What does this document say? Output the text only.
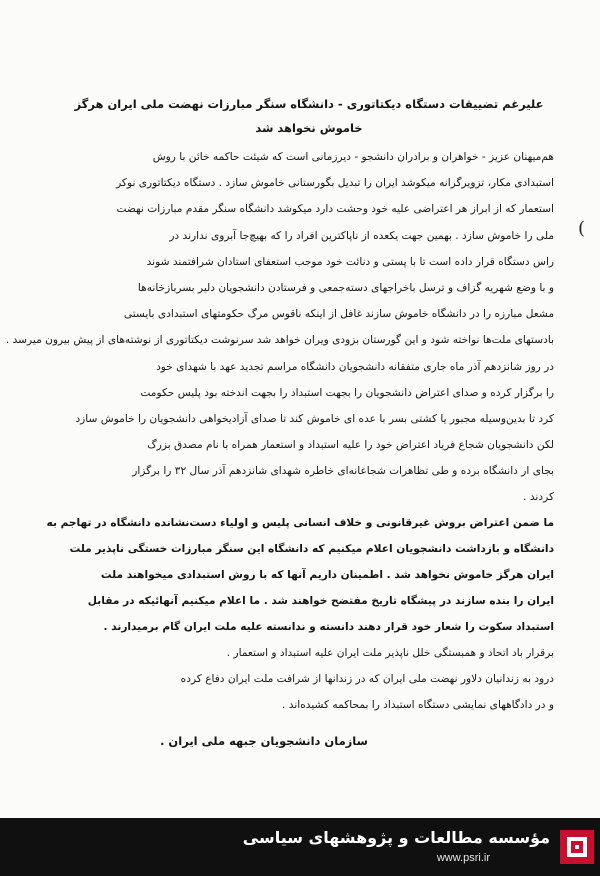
علیرغم تضییقات دستگاه دیکتاتوری - دانشگاه سنگر مبارزات نهضت ملی ایران هرگز
خاموش نخواهد شد
هم‌میهنان عزیز - خواهران و برادران دانشجو - دیرزمانی است که شیئت حاکمه خائن با روش
استبدادی مکار، تزویرگرانه میکوشد ایران را تبدیل بگورستانی خاموش سازد . دستگاه دیکتاتوری نوکر
استعمار که از ابراز هر اعتراضی علیه خود وحشت دارد میکوشد دانشگاه سنگر مقدم مبارزات نهضت
ملی را خاموش سازد . بهمین جهت یکعده از ناپاکترین افراد را که بهیچ‌جا آبروی ندارند در
راس دستگاه قرار داده است تا با پستی و دنائت خود موجب استعفای استادان شرافتمند شوند
و با وضع شهریه گزاف و ترسل باخراجهای دسته‌جمعی و فرستادن دانشجویان دلیر بسربازخانه‌ها
مشعل مبارزه را در دانشگاه خاموش سازند غافل از اینکه ناقوس مرگ حکومتهای استبدادی بایستی
بادستهای ملت‌ها نواخته شود و این گورستان بزودی ویران خواهد شد سرنوشت دیکتاتوری از نوشته‌های از پیش بیرون میرسد .
در روز شانزدهم آذر ماه جاری متفقانه دانشجویان دانشگاه مراسم تجدید عهد با شهدای خود
را برگزار کرده و صدای اعتراض دانشجویان را بجهت استبداد را بجهت اندخته بود پلیس حکومت
کرد تا بدین‌وسیله مجبور یا کشتی بسر با عده ای خاموش کند تا صدای آزادیخواهی دانشجویان را خاموش سازد
لکن دانشجویان شجاع فریاد اعتراض خود را علیه استبداد و استعمار همراه با نام مصدق بزرگ
بجای ار دانشگاه برده و طی تظاهرات شجاعانه‌ای خاطره شهدای شانزدهم آذر سال ۳۲ را برگزار
کردند .
ما ضمن اعتراض بروش غیرقانونی و خلاف انسانی پلیس و اولیاء دست‌نشانده دانشگاه در تهاجم به
دانشگاه و بازداشت دانشجویان اعلام میکنیم که دانشگاه این سنگر مبارزات خستگی ناپذیر ملت
ایران هرگز خاموش نخواهد شد . اطمینان داریم آنها که با روش استبدادی میخواهند ملت
ایران را بنده سازند در پیشگاه تاریخ مفتضح خواهند شد . ما اعلام میکنیم آنهائیکه در مقابل
استبداد سکوت را شعار خود قرار دهند دانسته و ندانسته علیه ملت ایران گام برمیدارند .
برقرار باد اتحاد و همبستگی خلل ناپذیر ملت ایران علیه استبداد و استعمار .
درود به زندانیان دلاور نهضت ملی ایران که در زندانها از شرافت ملت ایران دفاع کرده
و در دادگاههای نمایشی دستگاه استبداد را بمحاکمه کشیده‌اند .
سازمان دانشجویان جبهه ملی ایران .
(
مؤسسه مطالعات و پژوهشهای سیاسی
www.psri.ir
